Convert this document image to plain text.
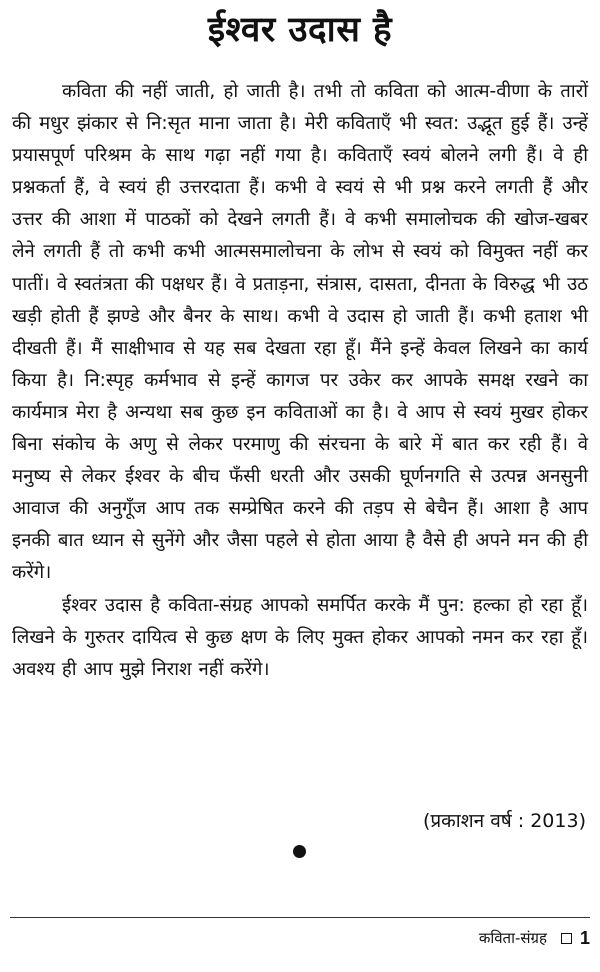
ईश्वर उदास है

कविता की नहीं जाती, हो जाती है। तभी तो कविता को आत्म-वीणा के तारों की मधुर झंकार से नि:सृत माना जाता है। मेरी कविताएँ भी स्वत: उद्भूत हुई हैं। उन्हें प्रयासपूर्ण परिश्रम के साथ गढ़ा नहीं गया है। कविताएँ स्वयं बोलने लगी हैं। वे ही प्रश्नकर्ता हैं, वे स्वयं ही उत्तरदाता हैं। कभी वे स्वयं से भी प्रश्न करने लगती हैं और उत्तर की आशा में पाठकों को देखने लगती हैं। वे कभी समालोचक की खोज-खबर लेने लगती हैं तो कभी कभी आत्मसमालोचना के लोभ से स्वयं को विमुक्त नहीं कर पातीं। वे स्वतंत्रता की पक्षधर हैं। वे प्रताड़ना, संत्रास, दासता, दीनता के विरुद्ध भी उठ खड़ी होती हैं झण्डे और बैनर के साथ। कभी वे उदास हो जाती हैं। कभी हताश भी दीखती हैं। मैं साक्षीभाव से यह सब देखता रहा हूँ। मैंने इन्हें केवल लिखने का कार्य किया है। नि:स्पृह कर्मभाव से इन्हें कागज पर उकेर कर आपके समक्ष रखने का कार्यमात्र मेरा है अन्यथा सब कुछ इन कविताओं का है। वे आप से स्वयं मुखर होकर बिना संकोच के अणु से लेकर परमाणु की संरचना के बारे में बात कर रही हैं। वे मनुष्य से लेकर ईश्वर के बीच फँसी धरती और उसकी घूर्णनगति से उत्पन्न अनसुनी आवाज की अनुगूँज आप तक सम्प्रेषित करने की तड़प से बेचैन हैं। आशा है आप इनकी बात ध्यान से सुनेंगे और जैसा पहले से होता आया है वैसे ही अपने मन की ही करेंगे।

ईश्वर उदास है कविता-संग्रह आपको समर्पित करके मैं पुन: हल्का हो रहा हूँ। लिखने के गुरुतर दायित्व से कुछ क्षण के लिए मुक्त होकर आपको नमन कर रहा हूँ। अवश्य ही आप मुझे निराश नहीं करेंगे।

(प्रकाशन वर्ष : 2013)

कविता-संग्रह 1
